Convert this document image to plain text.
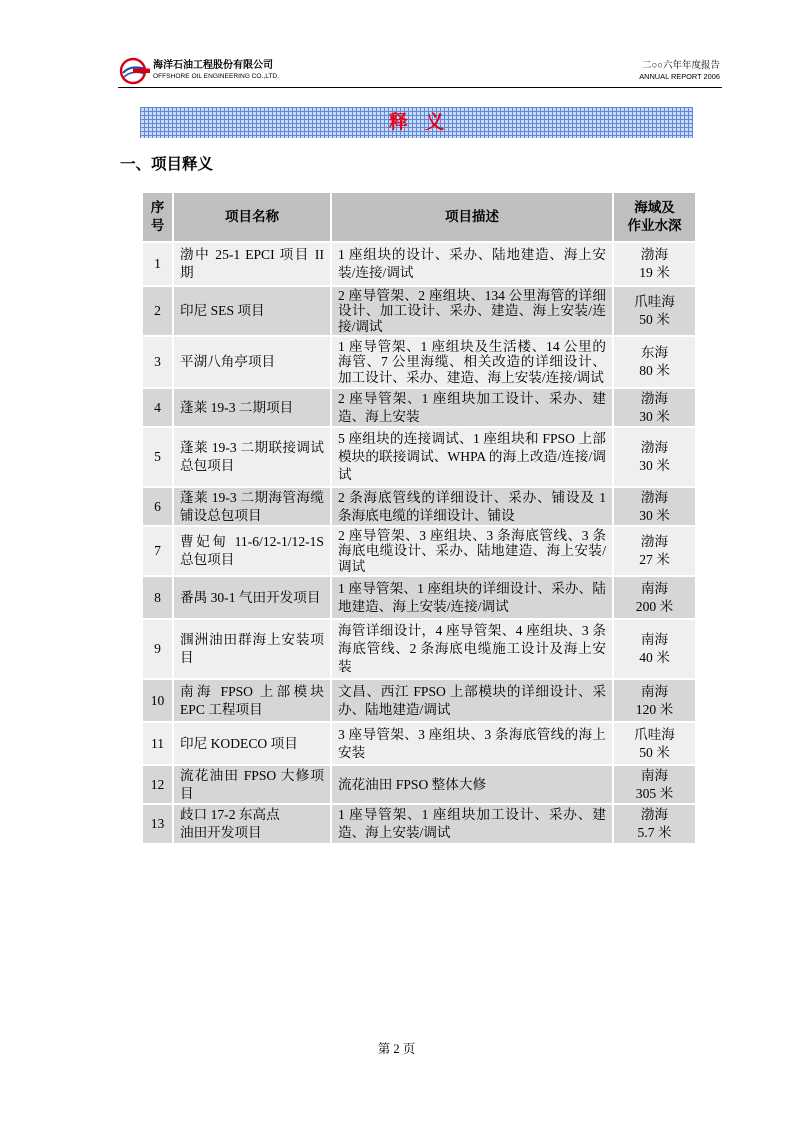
海洋石油工程股份有限公司
OFFSHORE OIL ENGINEERING CO.,LTD.
二○○六年年度报告
ANNUAL REPORT 2006
释 义
一、项目释义
序号	项目名称	项目描述	海域及
作业水深
1	渤中 25-1 EPCI 项目 II 期	1 座组块的设计、采办、陆地建造、海上安装/连接/调试	渤海
19 米
2	印尼 SES 项目	2 座导管架、2 座组块、134 公里海管的详细设计、加工设计、采办、建造、海上安装/连接/调试	爪哇海
50 米
3	平湖八角亭项目	1 座导管架、1 座组块及生活楼、14 公里的海管、7 公里海缆、相关改造的详细设计、加工设计、采办、建造、海上安装/连接/调试	东海
80 米
4	蓬莱 19-3 二期项目	2 座导管架、1 座组块加工设计、采办、建造、海上安装	渤海
30 米
5	蓬莱 19-3 二期联接调试总包项目	5 座组块的连接调试、1 座组块和 FPSO 上部模块的联接调试、WHPA 的海上改造/连接/调试	渤海
30 米
6	蓬莱 19-3 二期海管海缆铺设总包项目	2 条海底管线的详细设计、采办、铺设及 1 条海底电缆的详细设计、铺设	渤海
30 米
7	曹妃甸 11-6/12-1/12-1S 总包项目	2 座导管架、3 座组块、3 条海底管线、3 条海底电缆设计、采办、陆地建造、海上安装/调试	渤海
27 米
8	番禺 30-1 气田开发项目	1 座导管架、1 座组块的详细设计、采办、陆地建造、海上安装/连接/调试	南海
200 米
9	涠洲油田群海上安装项目	海管详细设计，4 座导管架、4 座组块、3 条海底管线、2 条海底电缆施工设计及海上安装	南海
40 米
10	南海 FPSO 上部模块 EPC 工程项目	文昌、西江 FPSO 上部模块的详细设计、采办、陆地建造/调试	南海
120 米
11	印尼 KODECO 项目	3 座导管架、3 座组块、3 条海底管线的海上安装	爪哇海
50 米
12	流花油田 FPSO 大修项目	流花油田 FPSO 整体大修	南海
305 米
13	歧口 17-2 东高点
油田开发项目	1 座导管架、1 座组块加工设计、采办、建造、海上安装/调试	渤海
5.7 米
第 2 页
